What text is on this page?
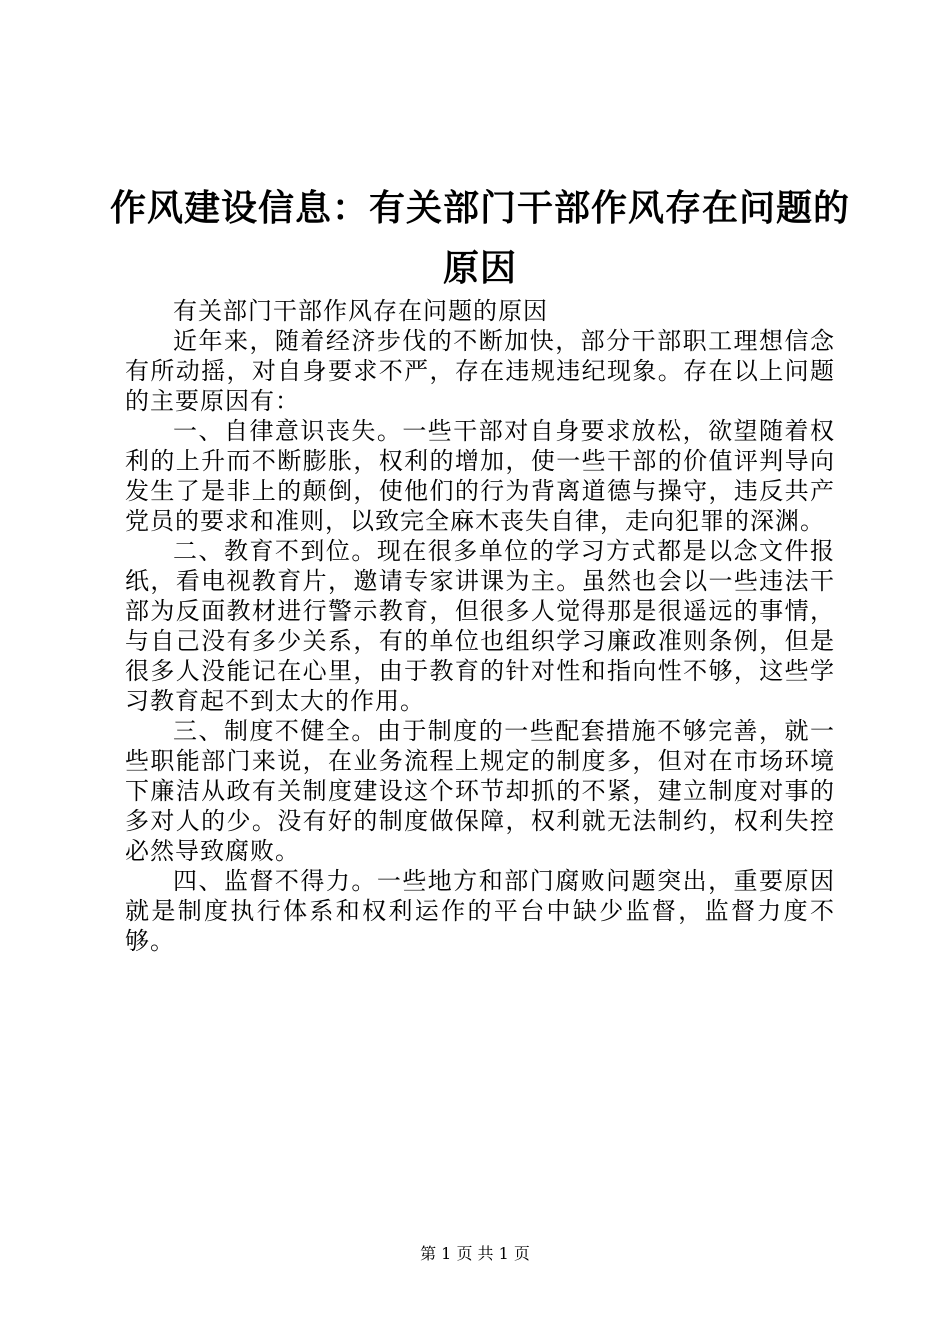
作风建设信息：有关部门干部作风存在问题的原因

有关部门干部作风存在问题的原因

近年来，随着经济步伐的不断加快，部分干部职工理想信念有所动摇，对自身要求不严，存在违规违纪现象。存在以上问题的主要原因有：

一、自律意识丧失。一些干部对自身要求放松，欲望随着权利的上升而不断膨胀，权利的增加，使一些干部的价值评判导向发生了是非上的颠倒，使他们的行为背离道德与操守，违反共产党员的要求和准则，以致完全麻木丧失自律，走向犯罪的深渊。

二、教育不到位。现在很多单位的学习方式都是以念文件报纸，看电视教育片，邀请专家讲课为主。虽然也会以一些违法干部为反面教材进行警示教育，但很多人觉得那是很遥远的事情，与自己没有多少关系，有的单位也组织学习廉政准则条例，但是很多人没能记在心里，由于教育的针对性和指向性不够，这些学习教育起不到太大的作用。

三、制度不健全。由于制度的一些配套措施不够完善，就一些职能部门来说，在业务流程上规定的制度多，但对在市场环境下廉洁从政有关制度建设这个环节却抓的不紧，建立制度对事的多对人的少。没有好的制度做保障，权利就无法制约，权利失控必然导致腐败。

四、监督不得力。一些地方和部门腐败问题突出，重要原因就是制度执行体系和权利运作的平台中缺少监督，监督力度不够。

第 1 页 共 1 页
